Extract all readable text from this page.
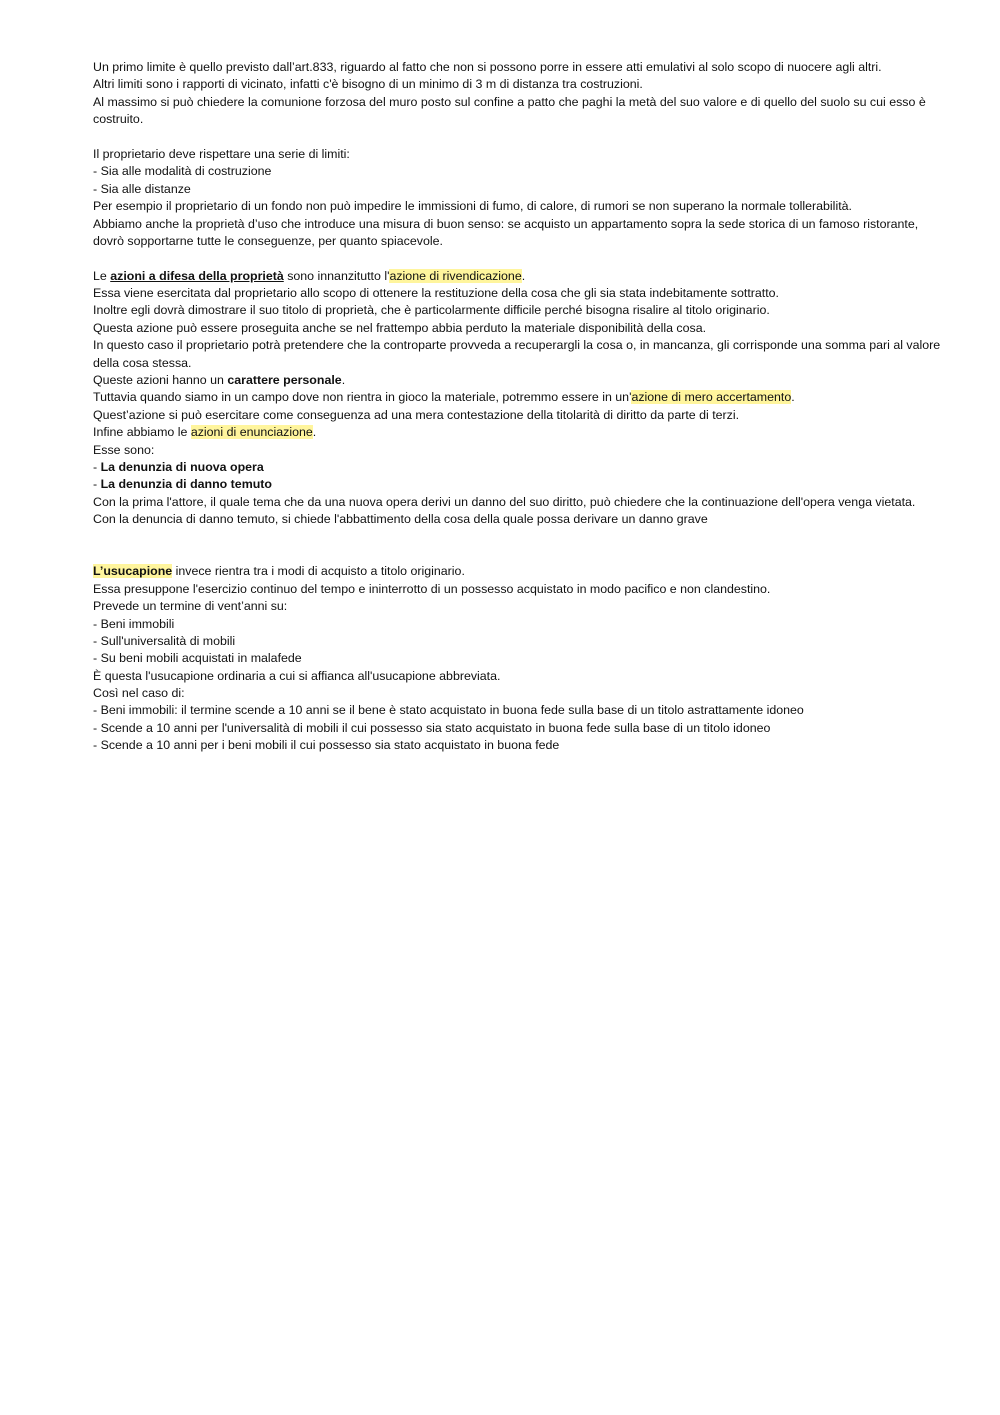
Un primo limite è quello previsto dall’art.833, riguardo al fatto che non si possono porre in essere atti emulativi al solo scopo di nuocere agli altri.
Altri limiti sono i rapporti di vicinato, infatti c'è bisogno di un minimo di 3 m di distanza tra costruzioni.
Al massimo si può chiedere la comunione forzosa del muro posto sul confine a patto che paghi la metà del suo valore e di quello del suolo su cui esso è
costruito.
Il proprietario deve rispettare una serie di limiti:
- Sia alle modalità di costruzione
- Sia alle distanze
Per esempio il proprietario di un fondo non può impedire le immissioni di fumo, di calore, di rumori se non superano la normale tollerabilità.
Abbiamo anche la proprietà d’uso che introduce una misura di buon senso: se acquisto un appartamento sopra la sede storica di un famoso ristorante,
dovrò sopportarne tutte le conseguenze, per quanto spiacevole.
Le azioni a difesa della proprietà sono innanzitutto l'azione di rivendicazione.
Essa viene esercitata dal proprietario allo scopo di ottenere la restituzione della cosa che gli sia stata indebitamente sottratto.
Inoltre egli dovrà dimostrare il suo titolo di proprietà, che è particolarmente difficile perché bisogna risalire al titolo originario.
Questa azione può essere proseguita anche se nel frattempo abbia perduto la materiale disponibilità della cosa.
In questo caso il proprietario potrà pretendere che la controparte provveda a recuperargli la cosa o, in mancanza, gli corrisponde una somma pari al valore
della cosa stessa.
Queste azioni hanno un carattere personale.
Tuttavia quando siamo in un campo dove non rientra in gioco la materiale, potremmo essere in un'azione di mero accertamento.
Quest’azione si può esercitare come conseguenza ad una mera contestazione della titolarità di diritto da parte di terzi.
Infine abbiamo le azioni di enunciazione.
Esse sono:
- La denunzia di nuova opera
- La denunzia di danno temuto
Con la prima l'attore, il quale tema che da una nuova opera derivi un danno del suo diritto, può chiedere che la continuazione dell'opera venga vietata.
Con la denuncia di danno temuto, si chiede l'abbattimento della cosa della quale possa derivare un danno grave
L’usucapione invece rientra tra i modi di acquisto a titolo originario.
Essa presuppone l'esercizio continuo del tempo e ininterrotto di un possesso acquistato in modo pacifico e non clandestino.
Prevede un termine di vent’anni su:
- Beni immobili
- Sull'universalità di mobili
- Su beni mobili acquistati in malafede
È questa l'usucapione ordinaria a cui si affianca all'usucapione abbreviata.
Così nel caso di:
- Beni immobili: il termine scende a 10 anni se il bene è stato acquistato in buona fede sulla base di un titolo astrattamente idoneo
- Scende a 10 anni per l'universalità di mobili il cui possesso sia stato acquistato in buona fede sulla base di un titolo idoneo
- Scende a 10 anni per i beni mobili il cui possesso sia stato acquistato in buona fede
